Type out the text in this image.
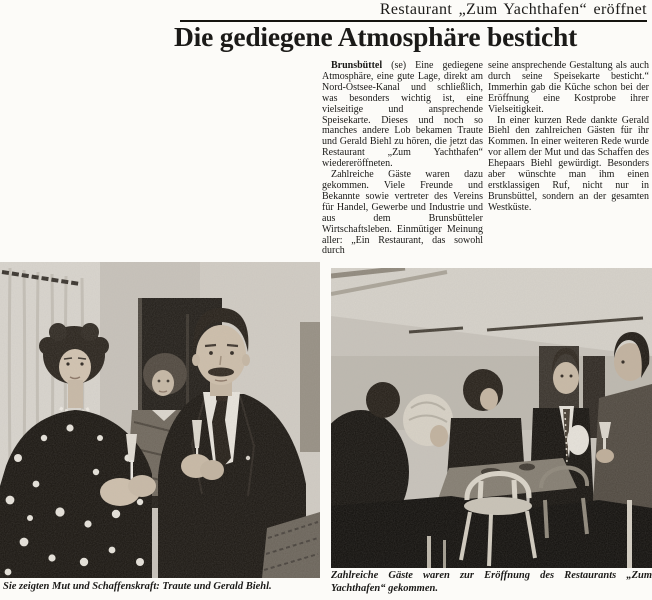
Restaurant „Zum Yachthafen“ eröffnet
Die gediegene Atmosphäre besticht

Brunsbüttel (se) Eine gediegene Atmosphäre, eine gute Lage, direkt am Nord-Ostsee-Kanal und schließlich, was besonders wichtig ist, eine vielseitige und ansprechende Speisekarte. Dieses und noch so manches andere Lob bekamen Traute und Gerald Biehl zu hören, die jetzt das Restaurant „Zum Yachthafen“ wiedereröffneten.

Zahlreiche Gäste waren dazu gekommen. Viele Freunde und Bekannte sowie vertreter des Vereins für Handel, Gewerbe und Industrie und aus dem Brunsbütteler Wirtschaftsleben. Einmütiger Meinung aller: „Ein Restaurant, das sowohl durch

seine ansprechende Gestaltung als auch durch seine Speisekarte besticht.“ Immerhin gab die Küche schon bei der Eröffnung eine Kostprobe ihrer Vielseitigkeit.

In einer kurzen Rede dankte Gerald Biehl den zahlreichen Gästen für ihr Kommen. In einer weiteren Rede wurde vor allem der Mut und das Schaffen des Ehepaars Biehl gewürdigt. Besonders aber wünschte man ihm einen erstklassigen Ruf, nicht nur in Brunsbüttel, sondern an der gesamten Westküste.

Sie zeigten Mut und Schaffenskraft: Traute und Gerald Biehl.
Zahlreiche Gäste waren zur Eröffnung des Restaurants „Zum Yachthafen“ gekommen.
